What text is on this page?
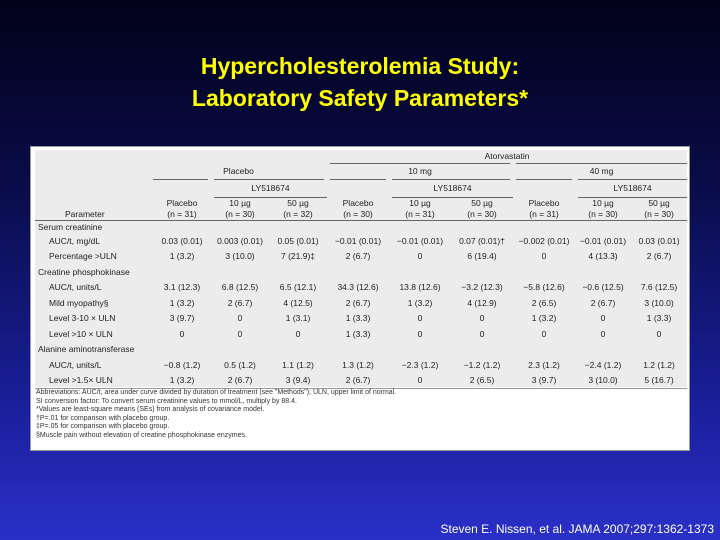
Hypercholesterolemia Study:
Laboratory Safety Parameters*
				Atorvastatin					
	Placebo			10 mg			40 mg		
		LY518674			LY518674			LY518674	
	Placebo	10 µg	50 µg	Placebo	10 µg	50 µg	Placebo	10 µg	50 µg
Parameter	(n = 31)	(n = 30)	(n = 32)	(n = 30)	(n = 31)	(n = 30)	(n = 31)	(n = 30)	(n = 30)
Serum creatinine									
AUC/t, mg/dL	0.03 (0.01)	0.003 (0.01)	0.05 (0.01)	−0.01 (0.01)	−0.01 (0.01)	0.07 (0.01)†	−0.002 (0.01)	−0.01 (0.01)	0.03 (0.01)
Percentage >ULN	1 (3.2)	3 (10.0)	7 (21.9)‡	2 (6.7)	0	6 (19.4)	0	4 (13.3)	2 (6.7)
Creatine phosphokinase									
AUC/t, units/L	3.1 (12.3)	6.8 (12.5)	6.5 (12.1)	34.3 (12.6)	13.8 (12.6)	−3.2 (12.3)	−5.8 (12.6)	−0.6 (12.5)	7.6 (12.5)
Mild myopathy§	1 (3.2)	2 (6.7)	4 (12.5)	2 (6.7)	1 (3.2)	4 (12.9)	2 (6.5)	2 (6.7)	3 (10.0)
Level 3-10 × ULN	3 (9.7)	0	1 (3.1)	1 (3.3)	0	0	1 (3.2)	0	1 (3.3)
Level >10 × ULN	0	0	0	1 (3.3)	0	0	0	0	0
Alanine aminotransferase									
AUC/t, units/L	−0.8 (1.2)	0.5 (1.2)	1.1 (1.2)	1.3 (1.2)	−2.3 (1.2)	−1.2 (1.2)	2.3 (1.2)	−2.4 (1.2)	1.2 (1.2)
Level >1.5× ULN	1 (3.2)	2 (6.7)	3 (9.4)	2 (6.7)	0	2 (6.5)	3 (9.7)	3 (10.0)	5 (16.7)
Abbreviations: AUC/t, area under curve divided by duration of treatment (see "Methods"); ULN, upper limit of normal.
SI conversion factor: To convert serum creatinine values to mmol/L, multiply by 88.4.
*Values are least-square means (SEs) from analysis of covariance model.
†P=.01 for comparison with placebo group.
‡P=.05 for comparison with placebo group.
§Muscle pain without elevation of creatine phosphokinase enzymes.
Steven E. Nissen, et al. JAMA 2007;297:1362-1373
